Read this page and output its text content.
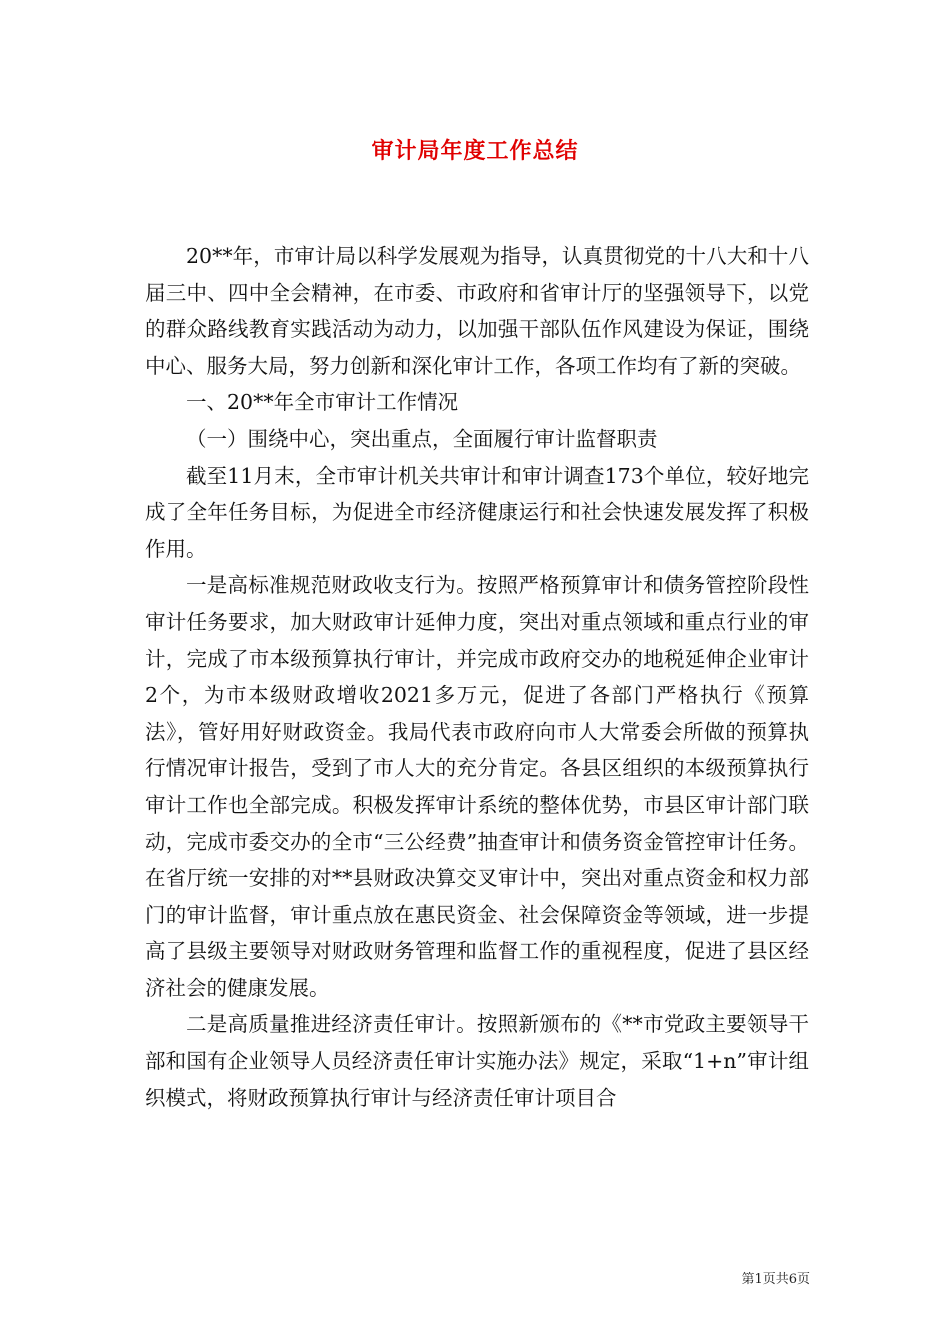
审计局年度工作总结

20**年，市审计局以科学发展观为指导，认真贯彻党的十八大和十八届三中、四中全会精神，在市委、市政府和省审计厅的坚强领导下，以党的群众路线教育实践活动为动力，以加强干部队伍作风建设为保证，围绕中心、服务大局，努力创新和深化审计工作，各项工作均有了新的突破。

一、20**年全市审计工作情况

（一）围绕中心，突出重点，全面履行审计监督职责

截至11月末，全市审计机关共审计和审计调查173个单位，较好地完成了全年任务目标，为促进全市经济健康运行和社会快速发展发挥了积极作用。

一是高标准规范财政收支行为。按照严格预算审计和债务管控阶段性审计任务要求，加大财政审计延伸力度，突出对重点领域和重点行业的审计，完成了市本级预算执行审计，并完成市政府交办的地税延伸企业审计2个，为市本级财政增收2021多万元，促进了各部门严格执行《预算法》，管好用好财政资金。我局代表市政府向市人大常委会所做的预算执行情况审计报告，受到了市人大的充分肯定。各县区组织的本级预算执行审计工作也全部完成。积极发挥审计系统的整体优势，市县区审计部门联动，完成市委交办的全市“三公经费”抽查审计和债务资金管控审计任务。在省厅统一安排的对**县财政决算交叉审计中，突出对重点资金和权力部门的审计监督，审计重点放在惠民资金、社会保障资金等领域，进一步提高了县级主要领导对财政财务管理和监督工作的重视程度，促进了县区经济社会的健康发展。

二是高质量推进经济责任审计。按照新颁布的《**市党政主要领导干部和国有企业领导人员经济责任审计实施办法》规定，采取“1+n”审计组织模式，将财政预算执行审计与经济责任审计项目合

第1页共6页
